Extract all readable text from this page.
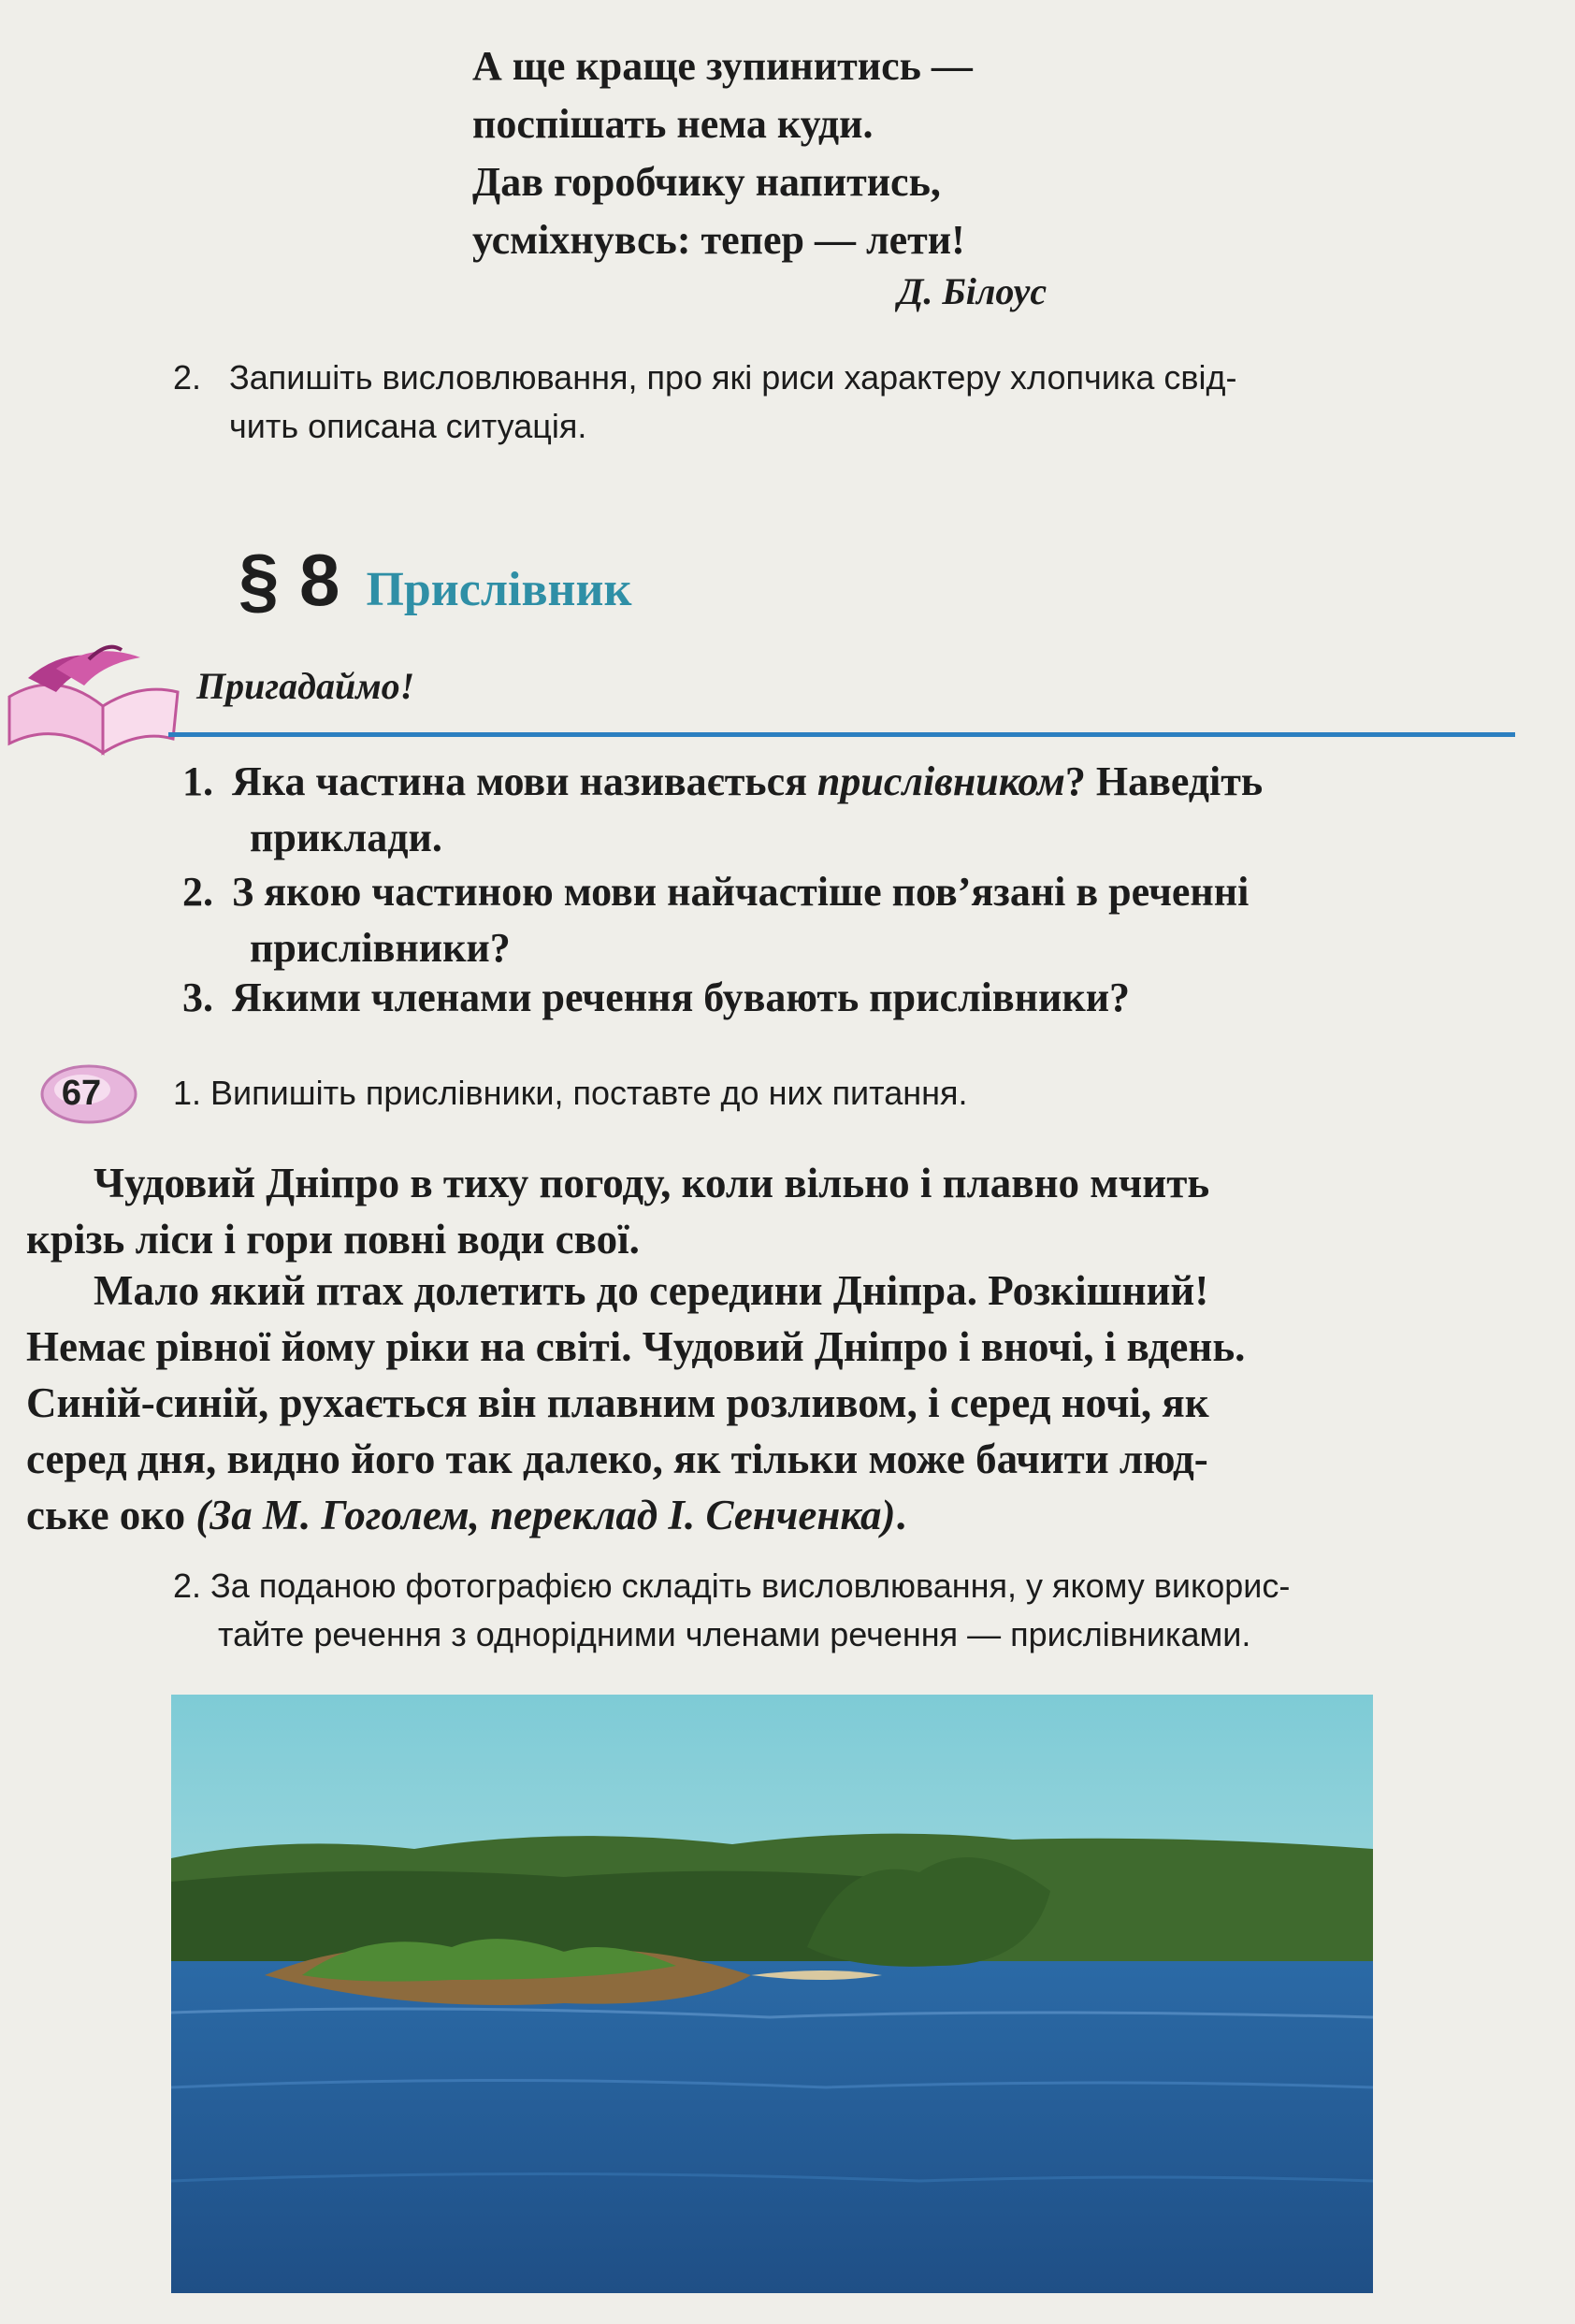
А ще краще зупинитись —
поспішать нема куди.
Дав горобчику напитись,
усміхнувсь: тепер — лети!
Д. Білоус
2. Запишіть висловлювання, про які риси характеру хлопчика свід-
чить описана ситуація.
§ 8 Прислівник
Пригадаймо!
1. Яка частина мови називається прислівником? Наведіть
приклади.
2. З якою частиною мови найчастіше пов’язані в реченні
прислівники?
3. Якими членами речення бувають прислівники?
67	1. Випишіть прислівники, поставте до них питання.
Чудовий Дніпро в тиху погоду, коли вільно і плавно мчить
крізь ліси і гори повні води свої.
Мало який птах долетить до середини Дніпра. Розкішний!
Немає рівної йому ріки на світі. Чудовий Дніпро і вночі, і вдень.
Синій-синій, рухається він плавним розливом, і серед ночі, як
серед дня, видно його так далеко, як тільки може бачити люд-
ське око (За М. Гоголем, переклад І. Сенченка).
2. За поданою фотографією складіть висловлювання, у якому викорис-
тайте речення з однорідними членами речення — прислівниками.
